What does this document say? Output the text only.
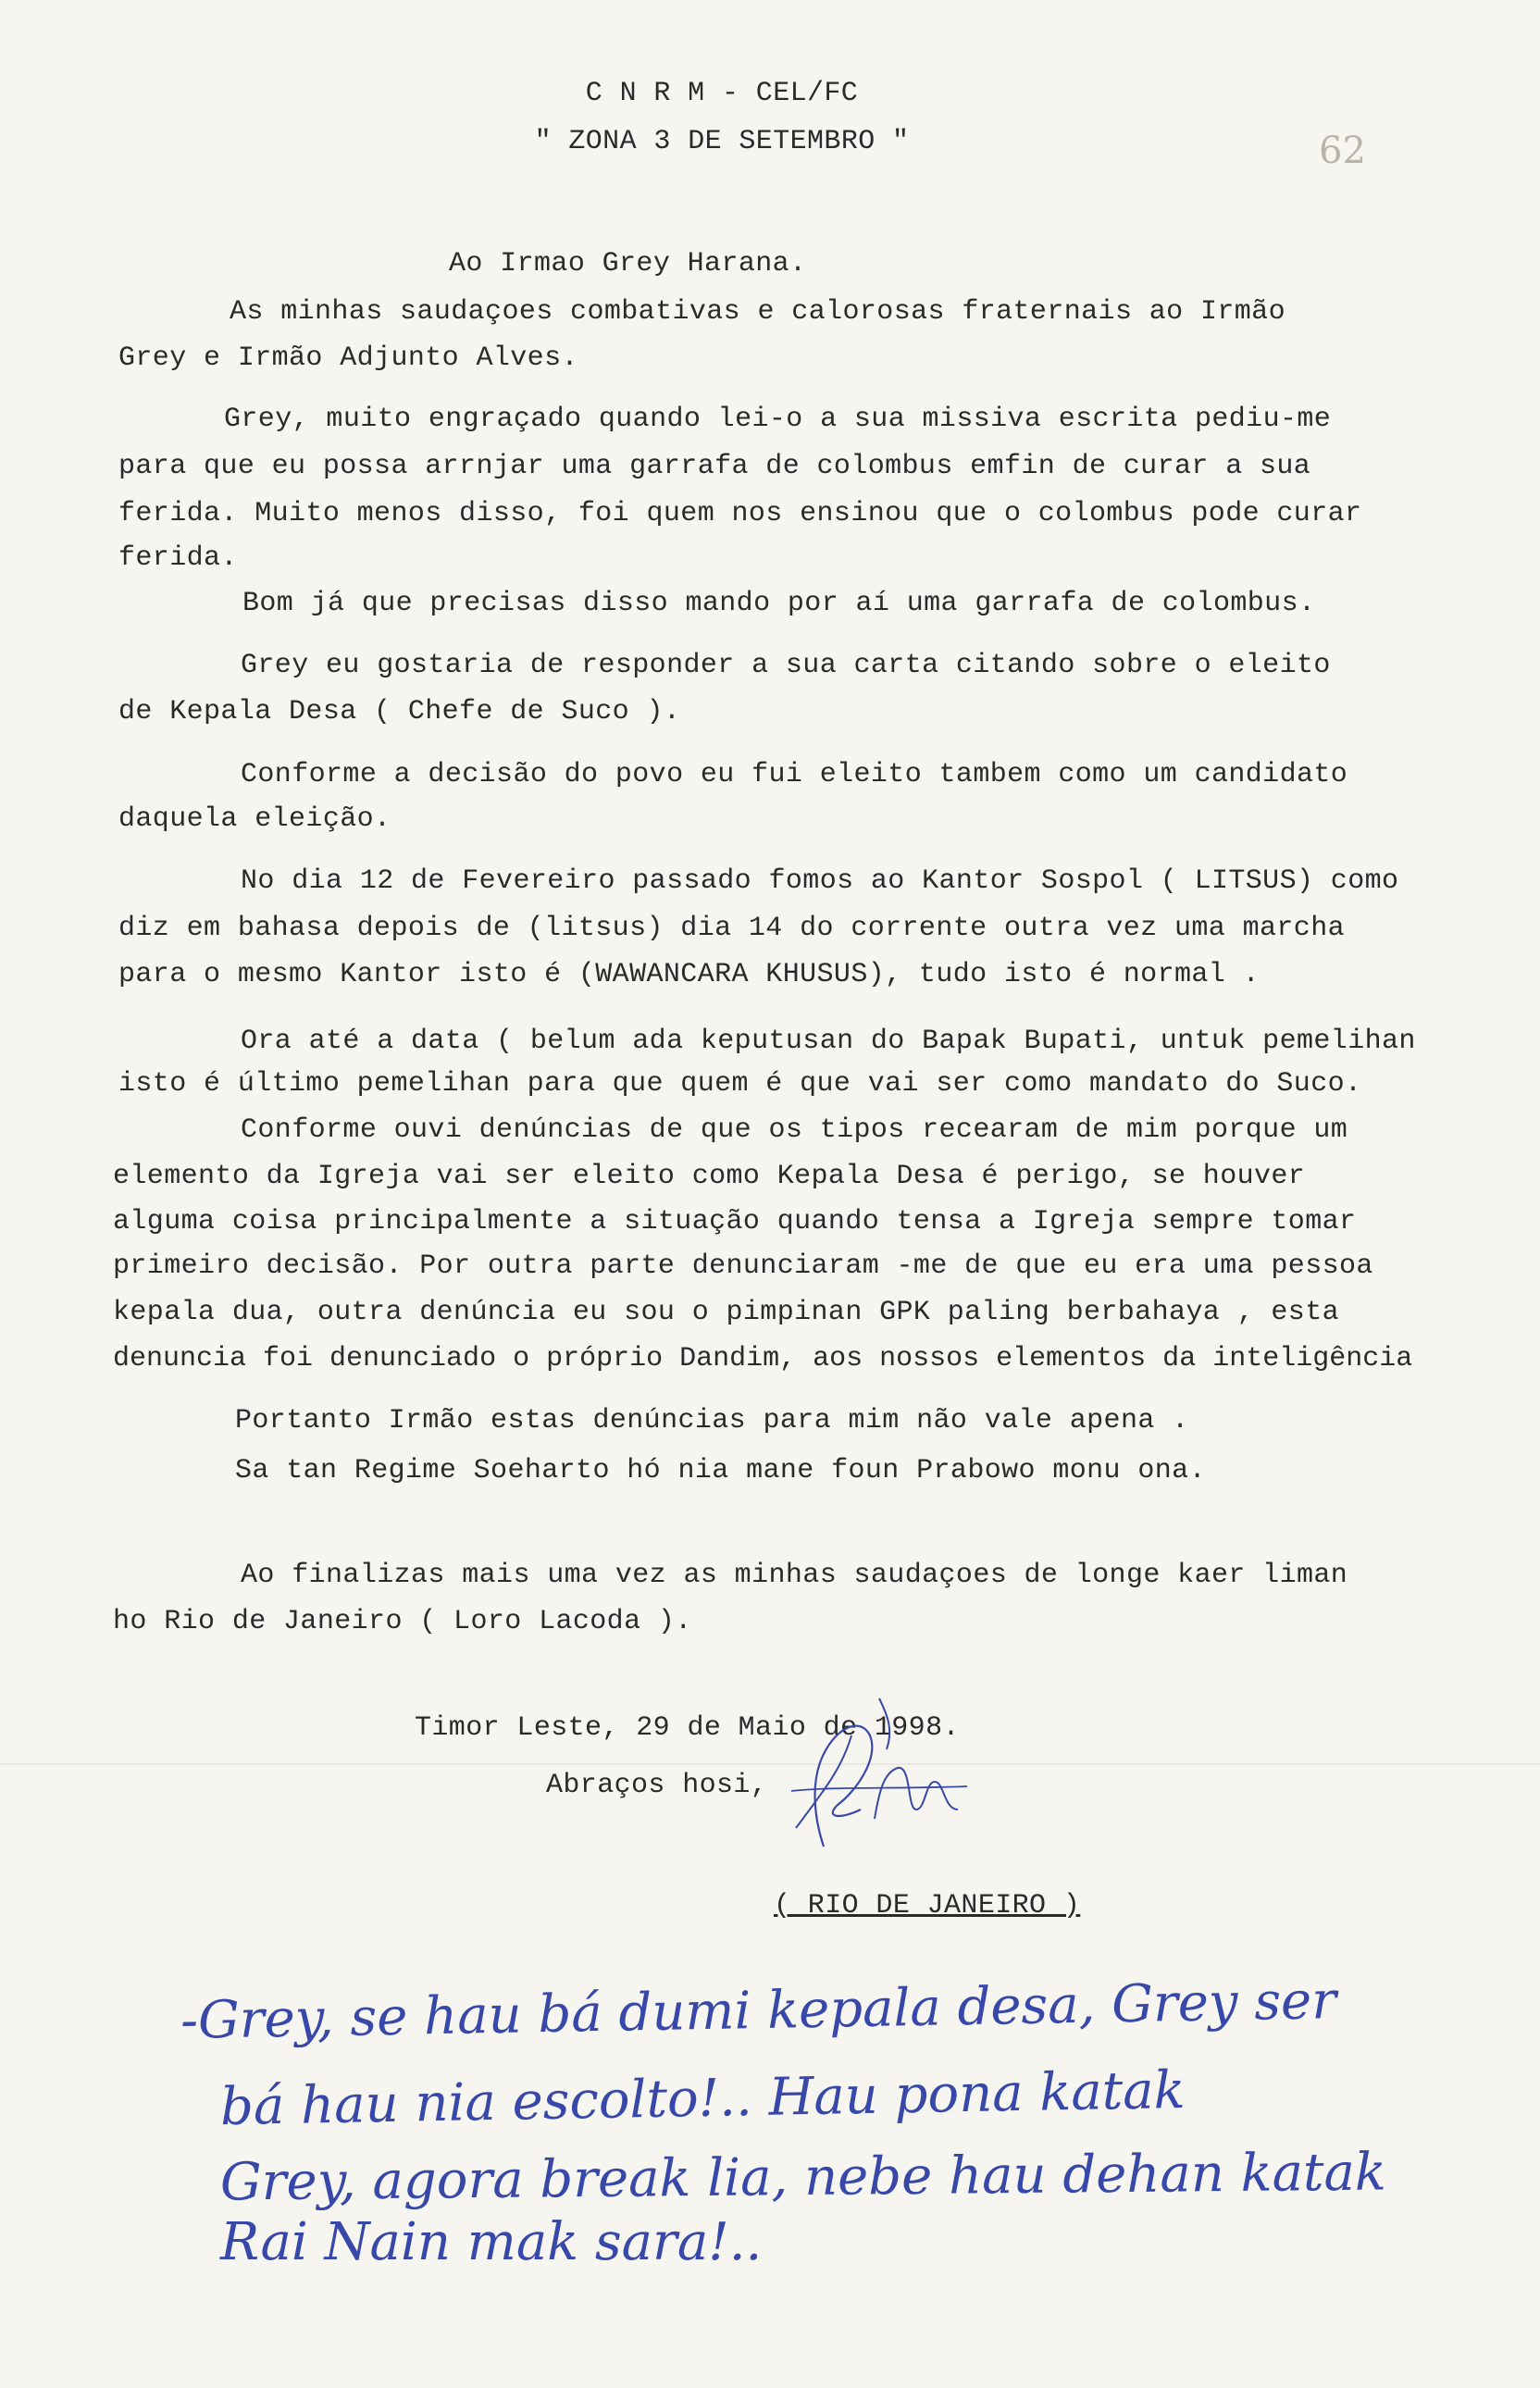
C N R M - CEL/FC
" ZONA 3 DE SETEMBRO "	62
Ao Irmao Grey Harana.
As minhas saudaçoes combativas e calorosas fraternais ao Irmão
Grey e Irmão Adjunto Alves.
Grey, muito engraçado quando lei-o a sua missiva escrita pediu-me
para que eu possa arrnjar uma garrafa de colombus emfin de curar a sua
ferida. Muito menos disso, foi quem nos ensinou que o colombus pode curar
ferida.
Bom já que precisas disso mando por aí uma garrafa de colombus.
Grey eu gostaria de responder a sua carta citando sobre o eleito
de Kepala Desa ( Chefe de Suco ).
Conforme a decisão do povo eu fui eleito tambem como um candidato
daquela eleição.
No dia 12 de Fevereiro passado fomos ao Kantor Sospol ( LITSUS) como
diz em bahasa depois de (litsus) dia 14 do corrente outra vez uma marcha
para o mesmo Kantor isto é (WAWANCARA KHUSUS), tudo isto é normal .
Ora até a data ( belum ada keputusan do Bapak Bupati, untuk pemelihan
isto é último pemelihan para que quem é que vai ser como mandato do Suco.
Conforme ouvi denúncias de que os tipos recearam de mim porque um
elemento da Igreja vai ser eleito como Kepala Desa é perigo, se houver
alguma coisa principalmente a situação quando tensa a Igreja sempre tomar
primeiro decisão. Por outra parte denunciaram -me de que eu era uma pessoa
kepala dua, outra denúncia eu sou o pimpinan GPK paling berbahaya , esta
denuncia foi denunciado o próprio Dandim, aos nossos elementos da inteligência
Portanto Irmão estas denúncias para mim não vale apena .
Sa tan Regime Soeharto hó nia mane foun Prabowo monu ona.
Ao finalizas mais uma vez as minhas saudaçoes de longe kaer liman
ho Rio de Janeiro ( Loro Lacoda ).
Timor Leste, 29 de Maio de 1998.
Abraços hosi,
( RIO DE JANEIRO )
-Grey, se hau bá dumi kepala desa, Grey ser
bá hau nia escolto!.. Hau pona katak
Grey, agora break lia, nebe hau dehan katak
Rai Nain mak sara!..
